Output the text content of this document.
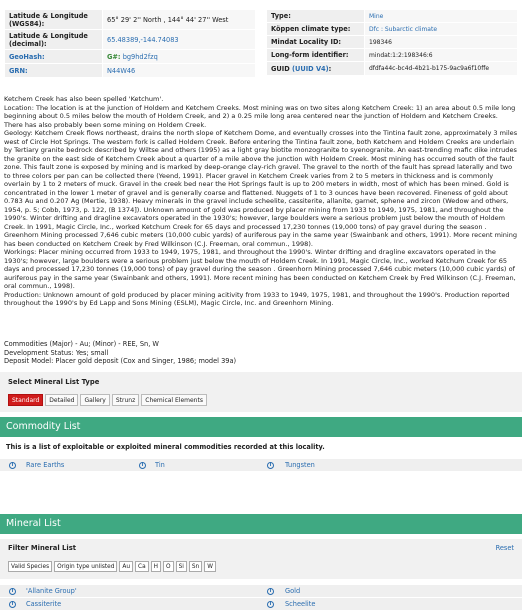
Latitude & Longitude (WGS84):	65° 29' 2'' North , 144° 44' 27'' West
Latitude & Longitude (decimal):	65.48389,-144.74083
GeoHash:	G#: bg9hd2fzq
GRN:	N44W46
Type:	Mine
Köppen climate type:	Dfc : Subarctic climate
Mindat Locality ID:	198346
Long-form identifier:	mindat:1:2:198346:6
GUID (UUID V4):	dfdfa44c-bc4d-4b21-b175-9ac9a6f10ffe

Ketchem Creek has also been spelled 'Ketchum'.

Location: The location is at the junction of Holdem and Ketchem Creeks. Most mining was on two sites along Ketchem Creek: 1) an area about 0.5 mile long beginning about 0.5 miles below the mouth of Holdem Creek, and 2) a 0.25 mile long area centered near the junction of Holdem and Ketchem Creeks. There has also probably been some mining on Holdem Creek.

Geology: Ketchem Creek flows northeast, drains the north slope of Ketchem Dome, and eventually crosses into the Tintina fault zone, approximately 3 miles west of Circle Hot Springs. The western fork is called Holdem Creek. Before entering the Tintina fault zone, both Ketchem and Holdem Creeks are underlain by Tertiary granite bedrock described by Wiltse and others (1995) as a light gray biotite monzogranite to syenogranite. An east-trending mafic dike intrudes the granite on the east side of Ketchem Creek about a quarter of a mile above the junction with Holdem Creek. Most mining has occurred south of the fault zone. This fault zone is exposed by mining and is marked by deep-orange clay-rich gravel. The gravel to the north of the fault has spread laterally and two to three colors per pan can be collected there (Yeend, 1991). Placer gravel in Ketchem Creek varies from 2 to 5 meters in thickness and is commonly overlain by 1 to 2 meters of muck. Gravel in the creek bed near the Hot Springs fault is up to 200 meters in width, most of which has been mined. Gold is concentrated in the lower 1 meter of gravel and is generally coarse and flattened. Nuggets of 1 to 3 ounces have been recovered. Fineness of gold about 0.783 Au and 0.207 Ag (Mertie, 1938). Heavy minerals in the gravel include scheelite, cassiterite, allanite, garnet, sphene and zircon (Wedow and others, 1954, p. 5; Cobb, 1973, p. 122, (B 1374]). Unknown amount of gold was produced by placer mining from 1933 to 1949, 1975, 1981, and throughout the 1990's. Winter drifting and dragline excavators operated in the 1930's; however, large boulders were a serious problem just below the mouth of Holdem Creek. In 1991, Magic Circle, Inc., worked Ketchum Creek for 65 days and processed 17,230 tonnes (19,000 tons) of pay gravel during the season . Greenhorn Mining processed 7,646 cubic meters (10,000 cubic yards) of auriferous pay in the same year (Swainbank and others, 1991). More recent mining has been conducted on Ketchem Creek by Fred Wilkinson (C.J. Freeman, oral commun., 1998).

Workings: Placer mining occurred from 1933 to 1949, 1975, 1981, and throughout the 1990's. Winter drifting and dragline excavators operated in the 1930's; however, large boulders were a serious problem just below the mouth of Holdem Creek. In 1991, Magic Circle, Inc., worked Ketchum Creek for 65 days and processed 17,230 tonnes (19,000 tons) of pay gravel during the season . Greenhorn Mining processed 7,646 cubic meters (10,000 cubic yards) of auriferous pay in the same year (Swainbank and others, 1991). More recent mining has been conducted on Ketchem Creek by Fred Wilkinson (C.J. Freeman, oral commun., 1998).

Production: Unknown amount of gold produced by placer mining acitivity from 1933 to 1949, 1975, 1981, and throughout the 1990's. Production reported throughout the 1990's by Ed Lapp and Sons Mining (ESLM), Magic Circle, Inc. and Greenhorn Mining.

Commodities (Major) - Au; (Minor) - REE, Sn, W

Development Status: Yes; small

Deposit Model: Placer gold deposit (Cox and Singer, 1986; model 39a)

Select Mineral List Type
Standard	Detailed	Gallery	Strunz	Chemical Elements
Commodity List
This is a list of exploitable or exploited mineral commodities recorded at this locality.
i	Rare Earths	i	Tin	i	Tungsten
Mineral List
Filter Mineral List	Reset
Valid Species	Origin type unlisted	Au	Ca	H	O	Si	Sn	W
i	'Allanite Group'	i	Gold
i	Cassiterite	i	Scheelite
